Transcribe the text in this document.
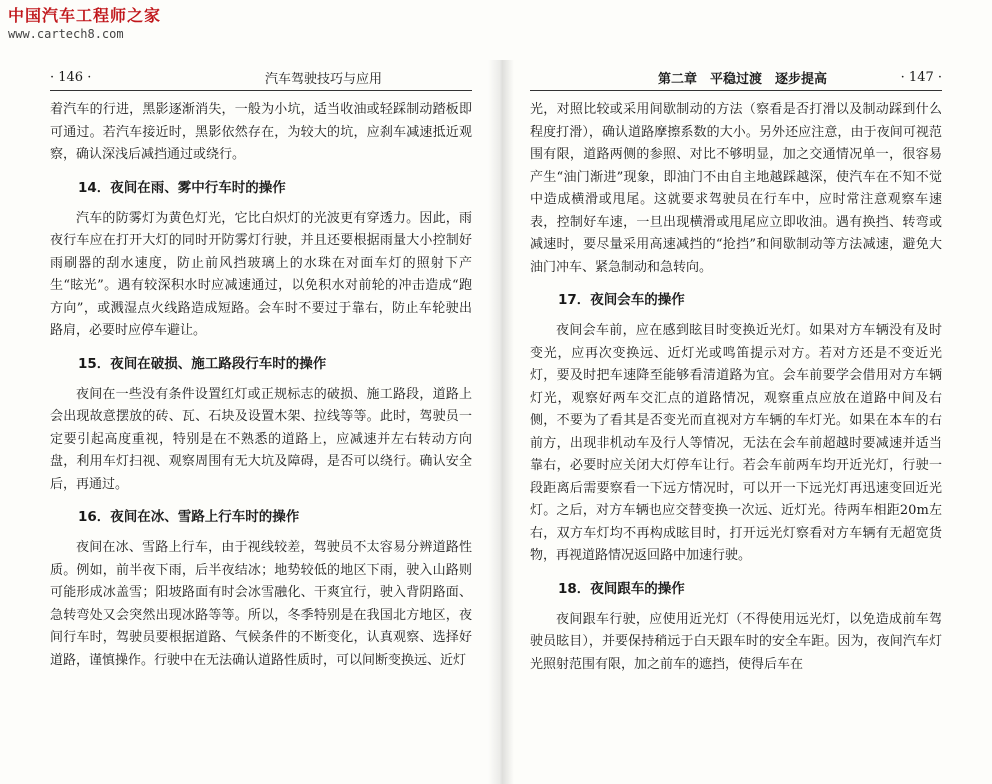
中国汽车工程师之家
www.cartech8.com
· 146 ·	汽车驾驶技巧与应用

着汽车的行进，黑影逐渐消失，一般为小坑，适当收油或轻踩制动踏板即可通过。若汽车接近时，黑影依然存在，为较大的坑，应刹车减速抵近观察，确认深浅后减挡通过或绕行。

14．夜间在雨、雾中行车时的操作

汽车的防雾灯为黄色灯光，它比白炽灯的光波更有穿透力。因此，雨夜行车应在打开大灯的同时开防雾灯行驶，并且还要根据雨量大小控制好雨刷器的刮水速度，防止前风挡玻璃上的水珠在对面车灯的照射下产生“眩光”。遇有较深积水时应减速通过，以免积水对前轮的冲击造成“跑方向”，或溅湿点火线路造成短路。会车时不要过于靠右，防止车轮驶出路肩，必要时应停车避让。

15．夜间在破损、施工路段行车时的操作

夜间在一些没有条件设置红灯或正规标志的破损、施工路段，道路上会出现故意摆放的砖、瓦、石块及设置木架、拉线等等。此时，驾驶员一定要引起高度重视，特别是在不熟悉的道路上，应减速并左右转动方向盘，利用车灯扫视、观察周围有无大坑及障碍，是否可以绕行。确认安全后，再通过。

16．夜间在冰、雪路上行车时的操作

夜间在冰、雪路上行车，由于视线较差，驾驶员不太容易分辨道路性质。例如，前半夜下雨，后半夜结冰；地势较低的地区下雨，驶入山路则可能形成冰盖雪；阳坡路面有时会冰雪融化、干爽宜行，驶入背阴路面、急转弯处又会突然出现冰路等等。所以，冬季特别是在我国北方地区，夜间行车时，驾驶员要根据道路、气候条件的不断变化，认真观察、选择好道路，谨慎操作。行驶中在无法确认道路性质时，可以间断变换远、近灯

第二章　平稳过渡　逐步提高	· 147 ·

光，对照比较或采用间歇制动的方法（察看是否打滑以及制动踩到什么程度打滑），确认道路摩擦系数的大小。另外还应注意，由于夜间可视范围有限，道路两侧的参照、对比不够明显，加之交通情况单一，很容易产生“油门渐进”现象，即油门不由自主地越踩越深，使汽车在不知不觉中造成横滑或甩尾。这就要求驾驶员在行车中，应时常注意观察车速表，控制好车速，一旦出现横滑或甩尾应立即收油。遇有换挡、转弯或减速时，要尽量采用高速减挡的“抢挡”和间歇制动等方法减速，避免大油门冲车、紧急制动和急转向。

17．夜间会车的操作

夜间会车前，应在感到眩目时变换近光灯。如果对方车辆没有及时变光，应再次变换远、近灯光或鸣笛提示对方。若对方还是不变近光灯，要及时把车速降至能够看清道路为宜。会车前要学会借用对方车辆灯光，观察好两车交汇点的道路情况，观察重点应放在道路中间及右侧，不要为了看其是否变光而直视对方车辆的车灯光。如果在本车的右前方，出现非机动车及行人等情况，无法在会车前超越时要减速并适当靠右，必要时应关闭大灯停车让行。若会车前两车均开近光灯，行驶一段距离后需要察看一下远方情况时，可以开一下远光灯再迅速变回近光灯。之后，对方车辆也应交替变换一次远、近灯光。待两车相距20m左右，双方车灯均不再构成眩目时，打开远光灯察看对方车辆有无超宽货物，再视道路情况返回路中加速行驶。

18．夜间跟车的操作

夜间跟车行驶，应使用近光灯（不得使用远光灯，以免造成前车驾驶员眩目），并要保持稍远于白天跟车时的安全车距。因为，夜间汽车灯光照射范围有限，加之前车的遮挡，使得后车在
